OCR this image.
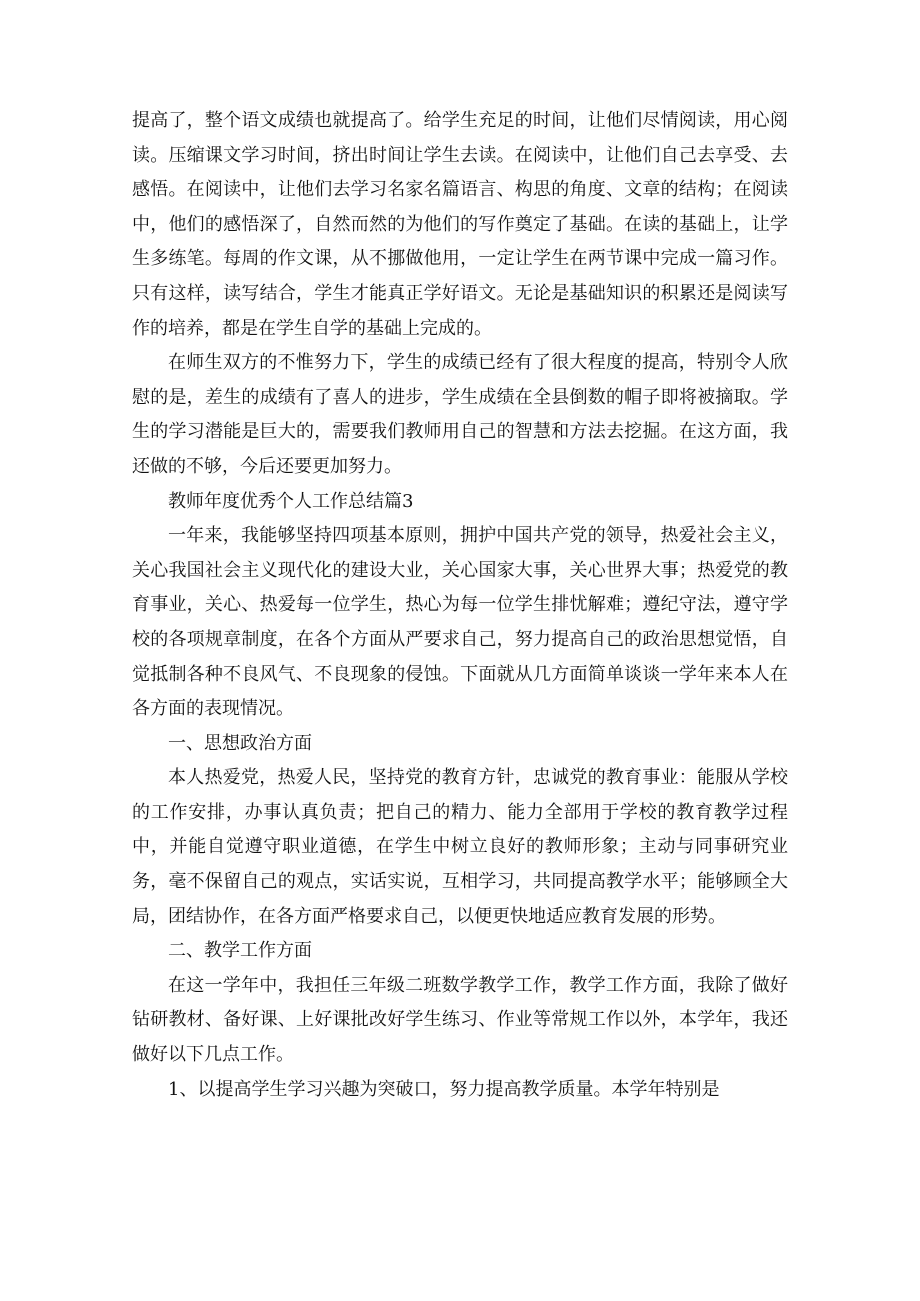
提高了，整个语文成绩也就提高了。给学生充足的时间，让他们尽情阅读，用心阅读。压缩课文学习时间，挤出时间让学生去读。在阅读中，让他们自己去享受、去感悟。在阅读中，让他们去学习名家名篇语言、构思的角度、文章的结构；在阅读中，他们的感悟深了，自然而然的为他们的写作奠定了基础。在读的基础上，让学生多练笔。每周的作文课，从不挪做他用，一定让学生在两节课中完成一篇习作。只有这样，读写结合，学生才能真正学好语文。无论是基础知识的积累还是阅读写作的培养，都是在学生自学的基础上完成的。

在师生双方的不惟努力下，学生的成绩已经有了很大程度的提高，特别令人欣慰的是，差生的成绩有了喜人的进步，学生成绩在全县倒数的帽子即将被摘取。学生的学习潜能是巨大的，需要我们教师用自己的智慧和方法去挖掘。在这方面，我还做的不够，今后还要更加努力。

教师年度优秀个人工作总结篇3

一年来，我能够坚持四项基本原则，拥护中国共产党的领导，热爱社会主义，关心我国社会主义现代化的建设大业，关心国家大事，关心世界大事；热爱党的教育事业，关心、热爱每一位学生，热心为每一位学生排忧解难；遵纪守法，遵守学校的各项规章制度，在各个方面从严要求自己，努力提高自己的政治思想觉悟，自觉抵制各种不良风气、不良现象的侵蚀。下面就从几方面简单谈谈一学年来本人在各方面的表现情况。

一、思想政治方面

本人热爱党，热爱人民，坚持党的教育方针，忠诚党的教育事业：能服从学校的工作安排，办事认真负责；把自己的精力、能力全部用于学校的教育教学过程中，并能自觉遵守职业道德，在学生中树立良好的教师形象；主动与同事研究业务，毫不保留自己的观点，实话实说，互相学习，共同提高教学水平；能够顾全大局，团结协作，在各方面严格要求自己，以便更快地适应教育发展的形势。

二、教学工作方面

在这一学年中，我担任三年级二班数学教学工作，教学工作方面，我除了做好钻研教材、备好课、上好课批改好学生练习、作业等常规工作以外，本学年，我还做好以下几点工作。

1、以提高学生学习兴趣为突破口，努力提高教学质量。本学年特别是
